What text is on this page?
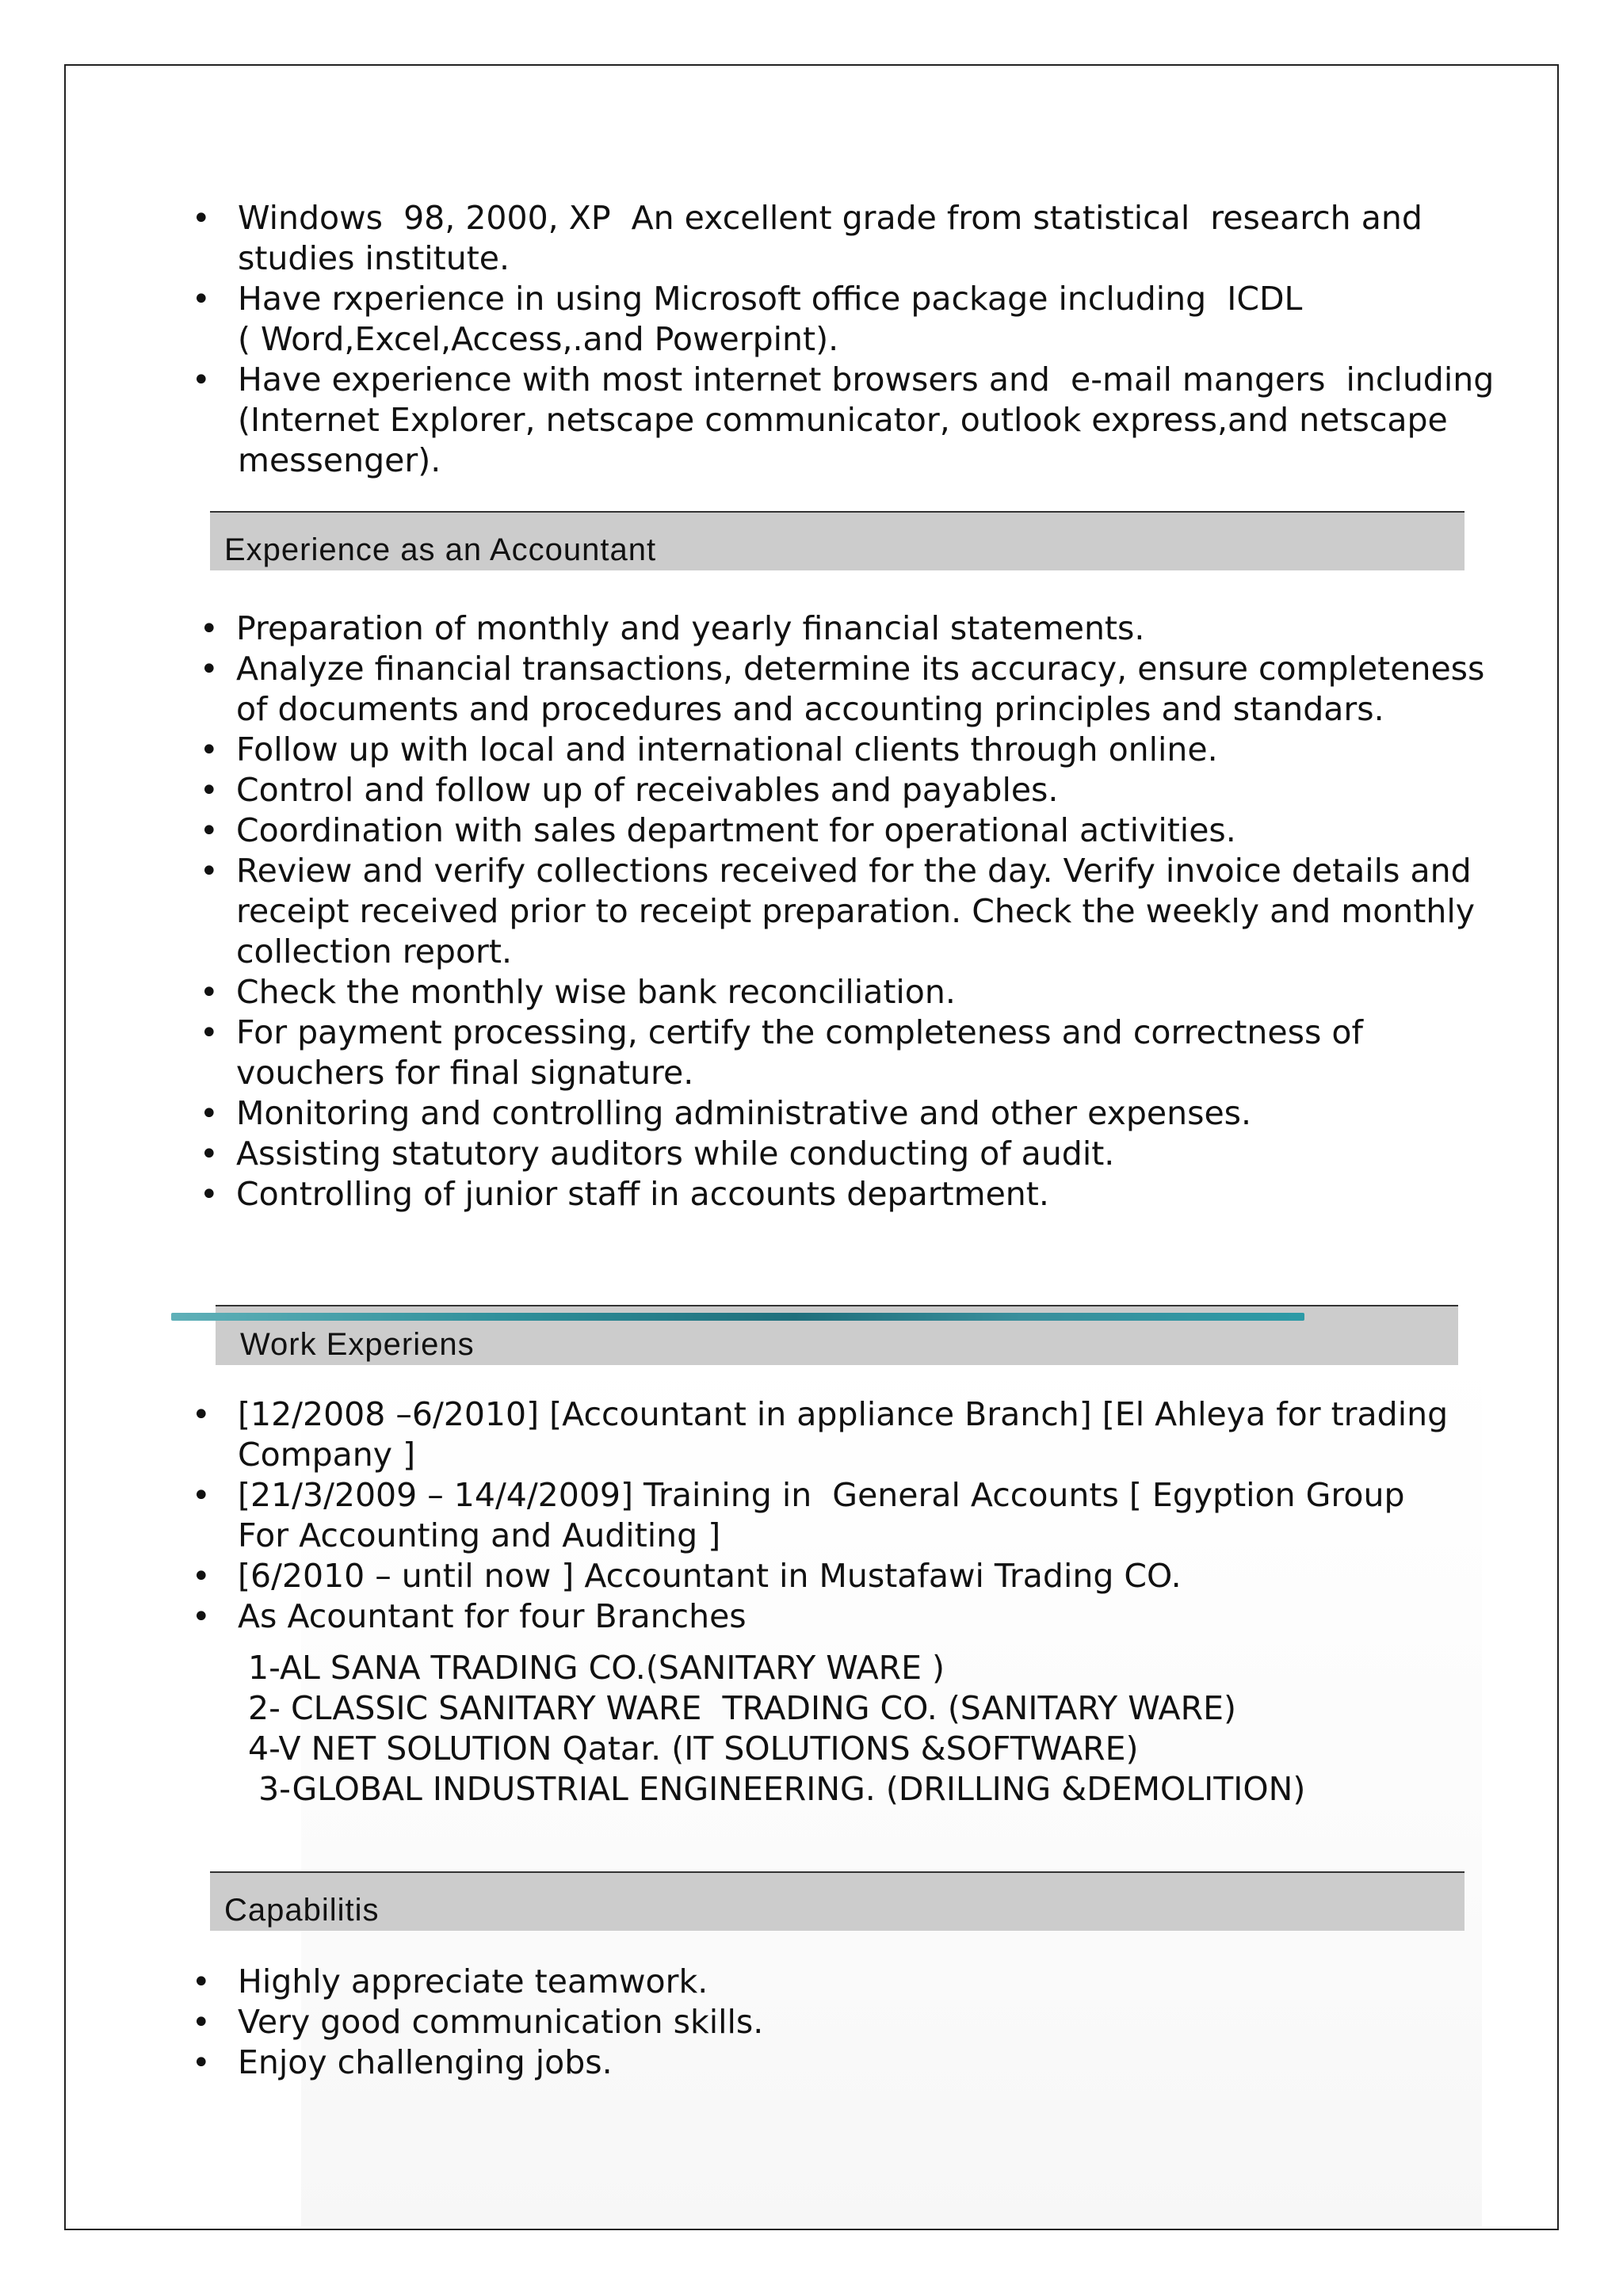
• Windows  98, 2000, XP  An excellent grade from statistical  research and
studies institute.
• Have rxperience in using Microsoft office package including  ICDL
( Word,Excel,Access,.and Powerpint).
• Have experience with most internet browsers and  e-mail mangers  including
(Internet Explorer, netscape communicator, outlook express,and netscape
messenger).
Experience as an Accountant
• Preparation of monthly and yearly financial statements.
• Analyze financial transactions, determine its accuracy, ensure completeness
of documents and procedures and accounting principles and standars.
• Follow up with local and international clients through online.
• Control and follow up of receivables and payables.
• Coordination with sales department for operational activities.
• Review and verify collections received for the day. Verify invoice details and
receipt received prior to receipt preparation. Check the weekly and monthly
collection report.
• Check the monthly wise bank reconciliation.
• For payment processing, certify the completeness and correctness of
vouchers for final signature.
• Monitoring and controlling administrative and other expenses.
• Assisting statutory auditors while conducting of audit.
• Controlling of junior staff in accounts department.
Work Experiens
• [12/2008 –6/2010] [Accountant in appliance Branch] [El Ahleya for trading
Company ]
• [21/3/2009 – 14/4/2009] Training in  General Accounts [ Egyption Group
For Accounting and Auditing ]
• [6/2010 – until now ] Accountant in Mustafawi Trading CO.
• As Acountant for four Branches
1-AL SANA TRADING CO.(SANITARY WARE )
2- CLASSIC SANITARY WARE  TRADING CO. (SANITARY WARE)
4-V NET SOLUTION Qatar. (IT SOLUTIONS &SOFTWARE)
3-GLOBAL INDUSTRIAL ENGINEERING. (DRILLING &DEMOLITION)
Capabilitis
• Highly appreciate teamwork.
• Very good communication skills.
• Enjoy challenging jobs.
